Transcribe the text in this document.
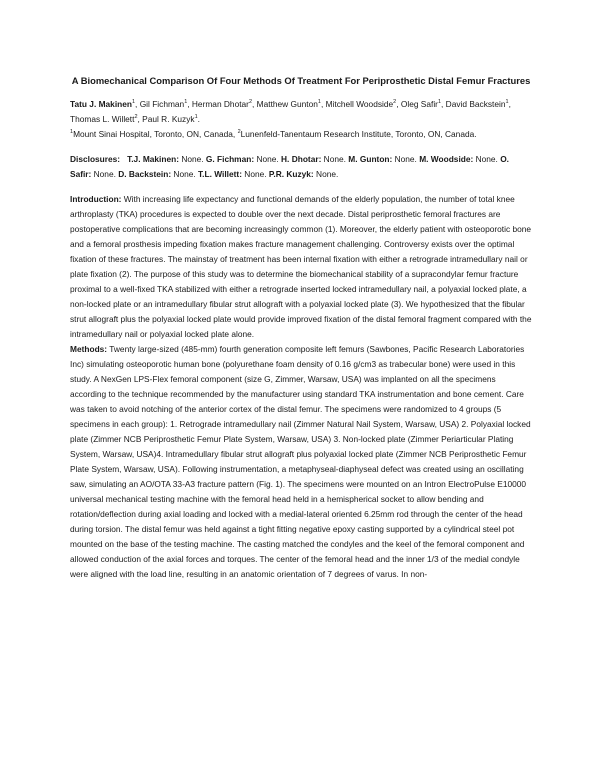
A Biomechanical Comparison Of Four Methods Of Treatment For Periprosthetic Distal Femur Fractures

Tatu J. Makinen$^1$, Gil Fichman$^1$, Herman Dhotar$^2$, Matthew Gunton$^1$, Mitchell Woodside$^2$, Oleg Safir$^1$, David Backstein$^1$, Thomas L. Willett$^2$, Paul R. Kuzyk$^1$.

$^1$Mount Sinai Hospital, Toronto, ON, Canada, $^2$Lunenfeld-Tanentaum Research Institute, Toronto, ON, Canada.

Disclosures: T.J. Makinen: None. G. Fichman: None. H. Dhotar: None. M. Gunton: None. M. Woodside: None. O. Safir: None. D. Backstein: None. T.L. Willett: None. P.R. Kuzyk: None.

Introduction: With increasing life expectancy and functional demands of the elderly population, the number of total knee arthroplasty (TKA) procedures is expected to double over the next decade. Distal periprosthetic femoral fractures are postoperative complications that are becoming increasingly common (1). Moreover, the elderly patient with osteoporotic bone and a femoral prosthesis impeding fixation makes fracture management challenging. Controversy exists over the optimal fixation of these fractures. The mainstay of treatment has been internal fixation with either a retrograde intramedullary nail or plate fixation (2). The purpose of this study was to determine the biomechanical stability of a supracondylar femur fracture proximal to a well-fixed TKA stabilized with either a retrograde inserted locked intramedullary nail, a polyaxial locked plate, a non-locked plate or an intramedullary fibular strut allograft with a polyaxial locked plate (3). We hypothesized that the fibular strut allograft plus the polyaxial locked plate would provide improved fixation of the distal femoral fragment compared with the intramedullary nail or polyaxial locked plate alone.

Methods: Twenty large-sized (485-mm) fourth generation composite left femurs (Sawbones, Pacific Research Laboratories Inc) simulating osteoporotic human bone (polyurethane foam density of 0.16 g/cm3 as trabecular bone) were used in this study. A NexGen LPS-Flex femoral component (size G, Zimmer, Warsaw, USA) was implanted on all the specimens according to the technique recommended by the manufacturer using standard TKA instrumentation and bone cement. Care was taken to avoid notching of the anterior cortex of the distal femur. The specimens were randomized to 4 groups (5 specimens in each group): 1. Retrograde intramedullary nail (Zimmer Natural Nail System, Warsaw, USA) 2. Polyaxial locked plate (Zimmer NCB Periprosthetic Femur Plate System, Warsaw, USA) 3. Non-locked plate (Zimmer Periarticular Plating System, Warsaw, USA)4. Intramedullary fibular strut allograft plus polyaxial locked plate (Zimmer NCB Periprosthetic Femur Plate System, Warsaw, USA). Following instrumentation, a metaphyseal-diaphyseal defect was created using an oscillating saw, simulating an AO/OTA 33-A3 fracture pattern (Fig. 1). The specimens were mounted on an Intron ElectroPulse E10000 universal mechanical testing machine with the femoral head held in a hemispherical socket to allow bending and rotation/deflection during axial loading and locked with a medial-lateral oriented 6.25mm rod through the center of the head during torsion. The distal femur was held against a tight fitting negative epoxy casting supported by a cylindrical steel pot mounted on the base of the testing machine. The casting matched the condyles and the keel of the femoral component and allowed conduction of the axial forces and torques. The center of the femoral head and the inner 1/3 of the medial condyle were aligned with the load line, resulting in an anatomic orientation of 7 degrees of varus. In non-
